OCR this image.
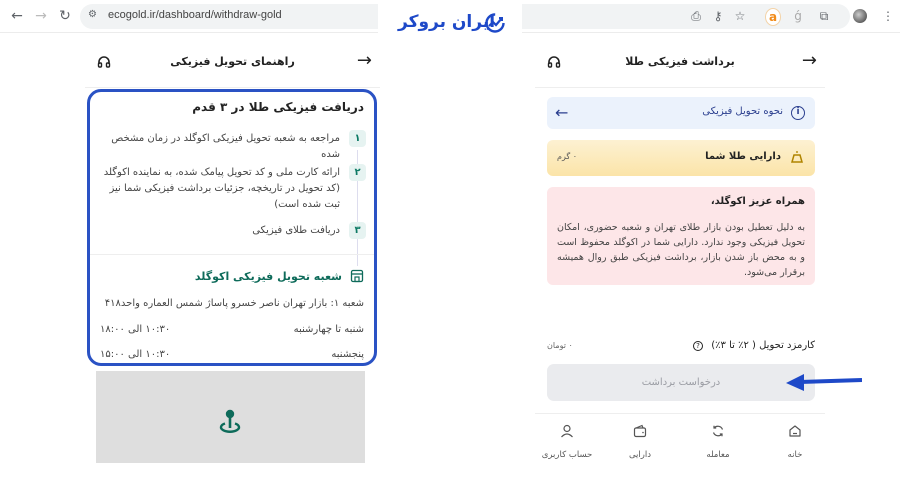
← → ↻	⚙ ecogold.ir/dashboard/withdraw-gold	⎙ ⚷	☆	a	ǵ	⧉	⋮
ایران بروکر
→
راهنمای تحویل فیزیکی
دریافت فیزیکی طلا در ۳ قدم
۱
مراجعه به شعبه تحویل فیزیکی اکوگلد در زمان مشخص شده
۲
ارائه کارت ملی و کد تحویل پیامک شده، به نماینده اکوگلد (کد تحویل در تاریخچه، جزئیات برداشت فیزیکی شما نیز ثبت شده است)
۳
دریافت طلای فیزیکی
شعبه تحویل فیزیکی اکوگلد
شعبه ۱: بازار تهران ناصر خسرو پاساژ شمس العماره واحد۴۱۸
شنبه تا چهارشنبه
۱۰:۳۰ الی ۱۸:۰۰
پنجشنبه
۱۰:۳۰ الی ۱۵:۰۰
→
برداشت فیزیکی طلا
i
نحوه تحویل فیزیکی
←
دارایی طلا شما
۰ گرم
همراه عزیز اکوگلد،
به دلیل تعطیل بودن بازار طلای تهران و شعبه حضوری، امکان تحویل فیزیکی وجود ندارد. دارایی شما در اکوگلد محفوظ است و به محض باز شدن بازار، برداشت فیزیکی طبق روال همیشه برقرار می‌شود.
کارمزد تحویل ( ۲٪ تا ۳٪)
?
۰ تومان
درخواست برداشت
خانه
معامله
دارایی
حساب کاربری
